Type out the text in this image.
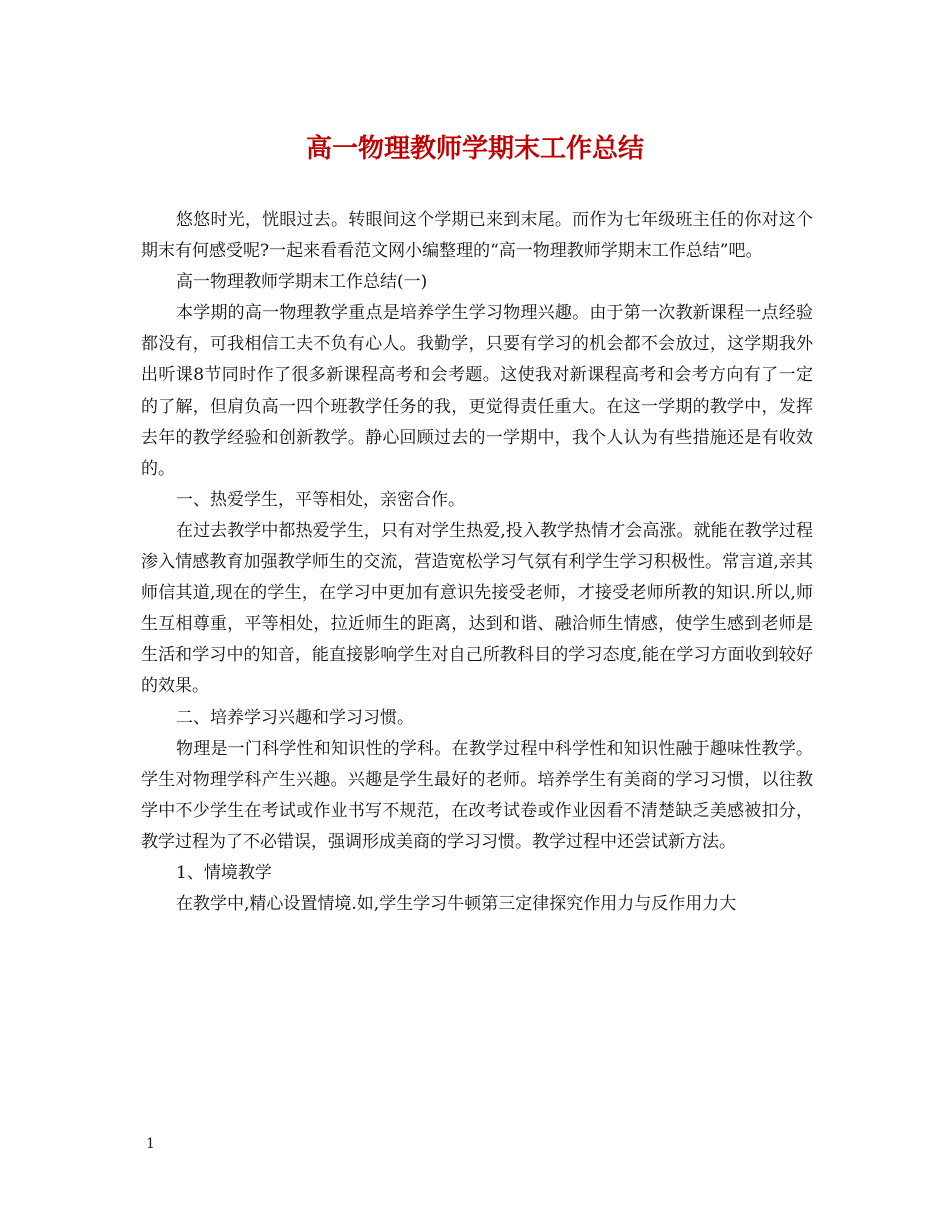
高一物理教师学期末工作总结

悠悠时光，恍眼过去。转眼间这个学期已来到末尾。而作为七年级班主任的你对这个期末有何感受呢?一起来看看范文网小编整理的“高一物理教师学期末工作总结”吧。

高一物理教师学期末工作总结(一)

本学期的高一物理教学重点是培养学生学习物理兴趣。由于第一次教新课程一点经验都没有，可我相信工夫不负有心人。我勤学，只要有学习的机会都不会放过，这学期我外出听课8节同时作了很多新课程高考和会考题。这使我对新课程高考和会考方向有了一定的了解，但肩负高一四个班教学任务的我，更觉得责任重大。在这一学期的教学中，发挥去年的教学经验和创新教学。静心回顾过去的一学期中，我个人认为有些措施还是有收效的。

一、热爱学生，平等相处，亲密合作。

在过去教学中都热爱学生，只有对学生热爱,投入教学热情才会高涨。就能在教学过程渗入情感教育加强教学师生的交流，营造宽松学习气氛有利学生学习积极性。常言道,亲其师信其道,现在的学生，在学习中更加有意识先接受老师，才接受老师所教的知识.所以,师生互相尊重，平等相处，拉近师生的距离，达到和谐、融洽师生情感，使学生感到老师是生活和学习中的知音，能直接影响学生对自己所教科目的学习态度,能在学习方面收到较好的效果。

二、培养学习兴趣和学习习惯。

物理是一门科学性和知识性的学科。在教学过程中科学性和知识性融于趣味性教学。学生对物理学科产生兴趣。兴趣是学生最好的老师。培养学生有美商的学习习惯，以往教学中不少学生在考试或作业书写不规范，在改考试卷或作业因看不清楚缺乏美感被扣分，教学过程为了不必错误，强调形成美商的学习习惯。教学过程中还尝试新方法。

1、情境教学

在教学中,精心设置情境.如,学生学习牛顿第三定律探究作用力与反作用力大

1
